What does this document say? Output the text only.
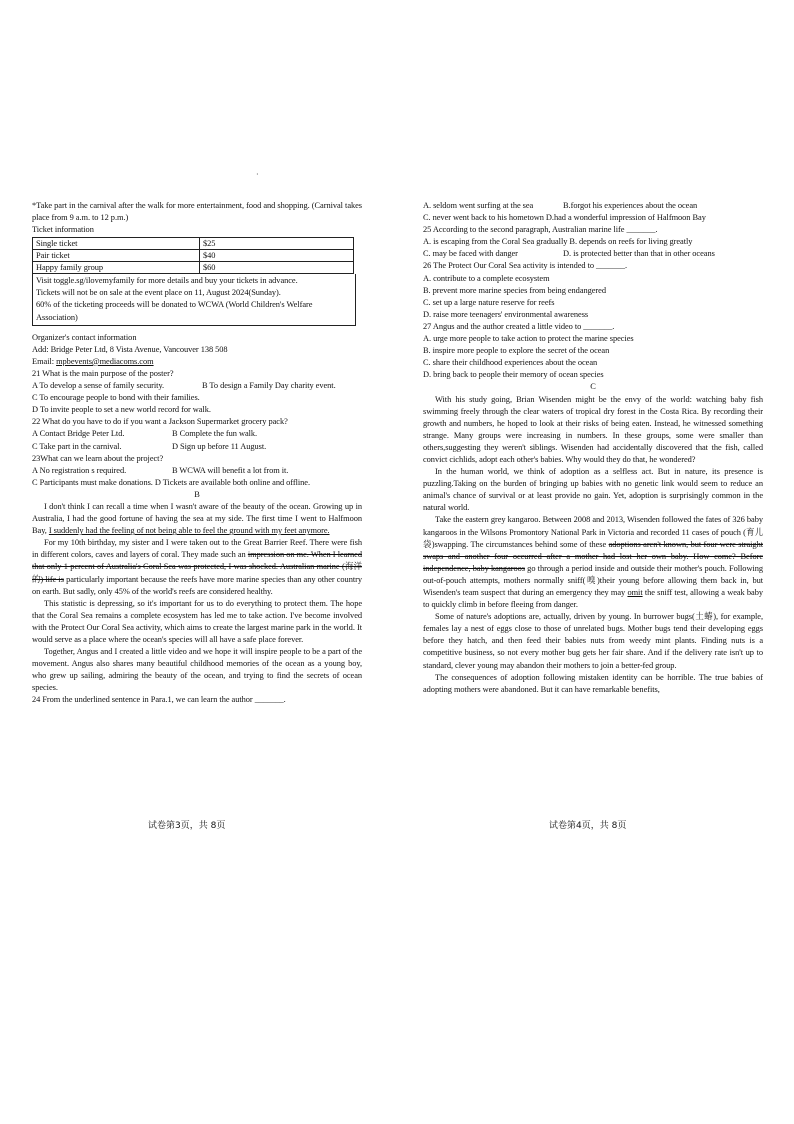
·

*Take part in the carnival after the walk for more entertainment, food and shopping. (Carnival takes place from 9 a.m. to 12 p.m.)

Ticket information

Single ticket	$25
Pair ticket	$40
Happy family group	$60

Visit toggle.sg/ilovemyfamily for more details and buy your tickets in advance.

Tickets will not be on sale at the event place on 11, August 2024(Sunday).

60% of the ticketing proceeds will be donated to WCWA (World Children's Welfare Association)

Organizer's contact information

Add: Bridge Peter Ltd, 8 Vista Avenue, Vancouver 138 508

Email: mpbevents@mediacoms.com

21 What is the main purpose of the poster?

A To develop a sense of family security.	B To design a Family Day charity event.

C To encourage people to bond with their families.

D To invite people to set a new world record for walk.

22 What do you have to do if you want a Jackson Supermarket grocery pack?

A Contact Bridge Peter Ltd.	B Complete the fun walk.

C Take part in the carnival.	D Sign up before 11 August.

23What can we learn about the project?

A No registration s required.	B WCWA will benefit a lot from it.

C Participants must make donations. D Tickets are available both online and offline.

B

I don't think I can recall a time when I wasn't aware of the beauty of the ocean. Growing up in Australia, I had the good fortune of having the sea at my side. The first time I went to Halfmoon Bay, I suddenly had the feeling of not being able to feel the ground with my feet anymore.

For my 10th birthday, my sister and I were taken out to the Great Barrier Reef. There were fish in different colors, caves and layers of coral. They made such an impression on me. When I learned that only 1 percent of Australia's Coral Sea was protected, I was shocked. Australian marine (海洋的) life is particularly important because the reefs have more marine species than any other country on earth. But sadly, only 45% of the world's reefs are considered healthy.

This statistic is depressing, so it's important for us to do everything to protect them. The hope that the Coral Sea remains a complete ecosystem has led me to take action. I've become involved with the Protect Our Coral Sea activity, which aims to create the largest marine park in the world. It would serve as a place where the ocean's species will all have a safe place forever.

Together, Angus and I created a little video and we hope it will inspire people to be a part of the movement. Angus also shares many beautiful childhood memories of the ocean as a young boy, who grew up sailing, admiring the beauty of the ocean, and trying to find the secrets of ocean species.

24 From the underlined sentence in Para.1, we can learn the author _______.

试卷第3页，共 8页

A. seldom went surfing at the sea	B.forgot his experiences about the ocean

C. never went back to his hometown D.had a wonderful impression of Halfmoon Bay

25 According to the second paragraph, Australian marine life _______.

A. is escaping from the Coral Sea gradually B. depends on reefs for living greatly

C. may be faced with danger	D. is protected better than that in other oceans

26 The Protect Our Coral Sea activity is intended to _______.

A. contribute to a complete ecosystem

B. prevent more marine species from being endangered

C. set up a large nature reserve for reefs

D. raise more teenagers' environmental awareness

27 Angus and the author created a little video to _______.

A. urge more people to take action to protect the marine species

B. inspire more people to explore the secret of the ocean

C. share their childhood experiences about the ocean

D. bring back to people their memory of ocean species

C

With his study going, Brian Wisenden might be the envy of the world: watching baby fish swimming freely through the clear waters of tropical dry forest in the Costa Rica. By recording their growth and numbers, he hoped to look at their risks of being eaten. Instead, he witnessed something strange. Many groups were increasing in numbers. In these groups, some were smaller than others,suggesting they weren't siblings. Wisenden had accidentally discovered that the fish, called convict cichlids, adopt each other's babies. Why would they do that, he wondered?

In the human world, we think of adoption as a selfless act. But in nature, its presence is puzzling.Taking on the burden of bringing up babies with no genetic link would seem to reduce an animal's chance of survival or at least provide no gain. Yet, adoption is surprisingly common in the natural world.

Take the eastern grey kangaroo. Between 2008 and 2013, Wisenden followed the fates of 326 baby kangaroos in the Wilsons Promontory National Park in Victoria and recorded 11 cases of pouch (育儿袋)swapping. The circumstances behind some of these adoptions aren't known, but four were straight swaps and another four occurred after a mother had lost her own baby. How come? Before independence, baby kangaroos go through a period inside and outside their mother's pouch. Following out-of-pouch attempts, mothers normally sniff(嗅)their young before allowing them back in, but Wisenden's team suspect that during an emergency they may omit the sniff test, allowing a weak baby to quickly climb in before fleeing from danger.

Some of nature's adoptions are, actually, driven by young. In burrower bugs(土蝽), for example, females lay a nest of eggs close to those of unrelated bugs. Mother bugs tend their developing eggs before they hatch, and then feed their babies nuts from weedy mint plants. Finding nuts is a competitive business, so not every mother bug gets her fair share. And if the delivery rate isn't up to standard, clever young may abandon their mothers to join a better-fed group.

The consequences of adoption following mistaken identity can be horrible. The true babies of adopting mothers were abandoned. But it can have remarkable benefits,

试卷第4页，共 8页
